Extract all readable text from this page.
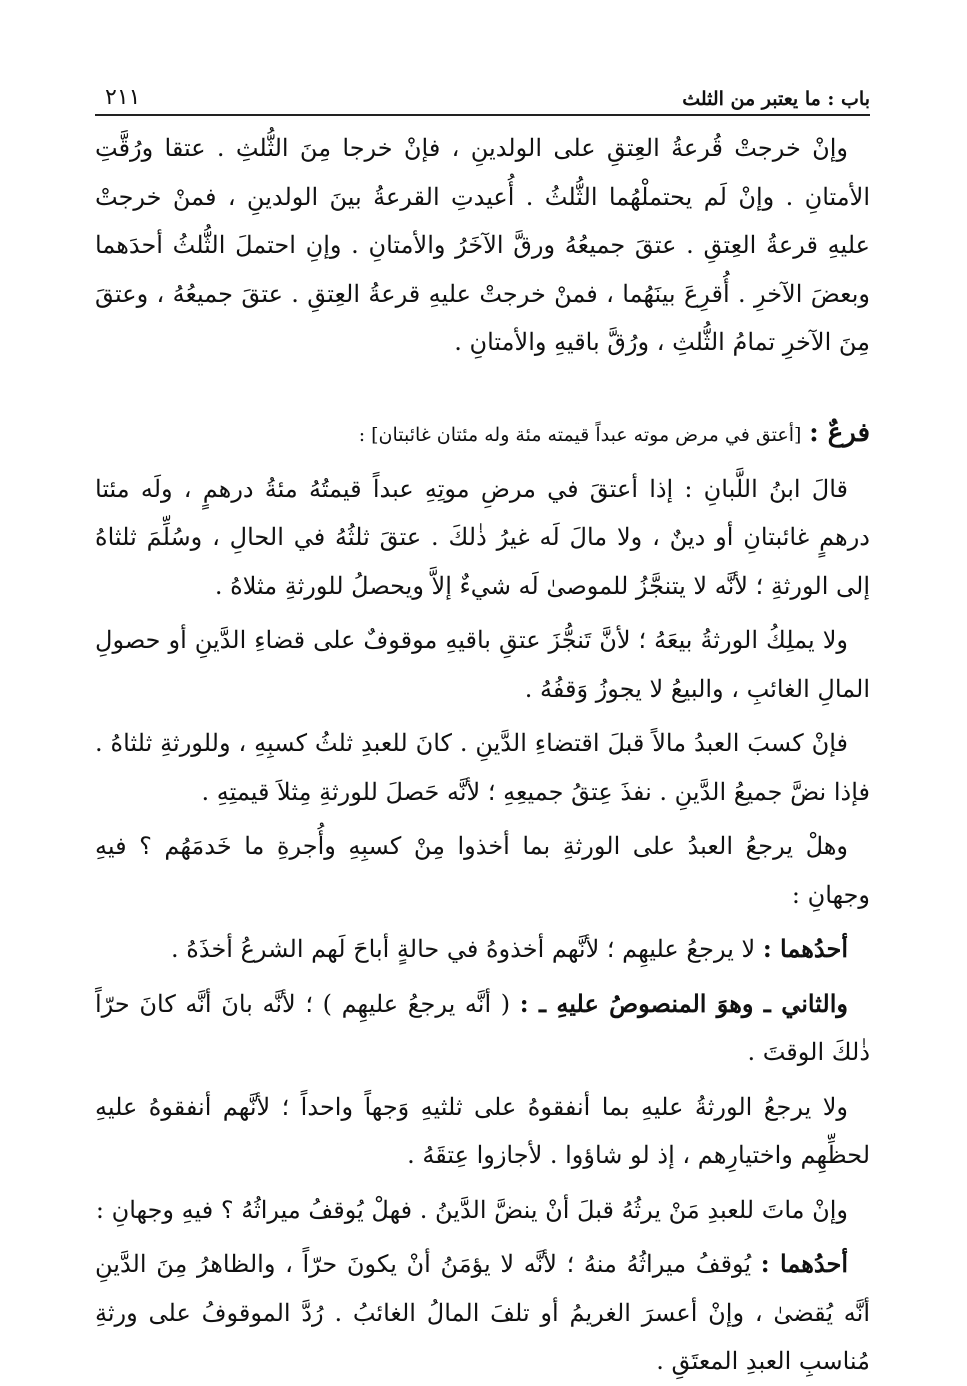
باب : ما يعتبر من الثلث
٢١١

وإنْ خرجتْ قُرعةُ العِتقِ على الولدينِ ، فإنْ خرجا مِنَ الثُّلثِ . عتقا ورُقَّتِ الأمتانِ . وإنْ لَم يحتملْهُما الثُّلثُ . أُعيدتِ القرعةُ بينَ الولدينِ ، فمنْ خرجتْ عليهِ قرعةُ العِتقِ . عتقَ جميعُهُ ورقَّ الآخَرُ والأمتانِ . وإنِ احتملَ الثُّلثُ أحدَهما وبعضَ الآخرِ . أُقرِعَ بينَهُما ، فمنْ خرجتْ عليهِ قرعةُ العِتقِ . عتقَ جميعُهُ ، وعتقَ مِنَ الآخرِ تمامُ الثُّلثِ ، ورُقَّ باقيهِ والأمتانِ .

فرعٌ : [أعتق في مرض موته عبداً قيمته مئة وله مئتان غائبتان] :

قالَ ابنُ اللَّبانِ : إذا أعتقَ في مرضِ موتِهِ عبداً قيمتُهُ مئةُ درهمٍ ، ولَه مئتا درهمٍ غائبتانِ أو دينٌ ، ولا مالَ لَه غيرُ ذٰلكَ . عتقَ ثلثُهُ في الحالِ ، وسُلِّمَ ثلثاهُ إلى الورثةِ ؛ لأنَّه لا يتنجَّزُ للموصىٰ لَه شيءٌ إلاَّ ويحصلُ للورثةِ مثلاهُ .

ولا يملِكُ الورثةُ بيعَهُ ؛ لأنَّ تَنجُّزَ عتقِ باقيهِ موقوفٌ على قضاءِ الدَّينِ أو حصولِ المالِ الغائبِ ، والبيعُ لا يجوزُ وَقفُهُ .

فإنْ كسبَ العبدُ مالاً قبلَ اقتضاءِ الدَّينِ . كانَ للعبدِ ثلثُ كسبِهِ ، وللورثةِ ثلثاهُ . فإذا نضَّ جميعُ الدَّينِ . نفذَ عِتقُ جميعِهِ ؛ لأنَّه حَصلَ للورثةِ مِثلاَ قيمتِهِ .

وهلْ يرجعُ العبدُ على الورثةِ بما أخذوا مِنْ كسبِهِ وأُجرةِ ما خَدمَهُم ؟ فيهِ وجهانِ :

أحدُهما : لا يرجعُ عليهِم ؛ لأنَّهم أخذوهُ في حالةٍ أباحَ لَهم الشرعُ أخذَهُ .

والثاني ـ وهوَ المنصوصُ عليهِ ـ : ( أنَّه يرجعُ عليهِم ) ؛ لأنَّه بانَ أنَّه كانَ حرّاً ذٰلكَ الوقتَ .

ولا يرجعُ الورثةُ عليهِ بما أنفقوهُ على ثلثيهِ وَجهاً واحداً ؛ لأنَّهم أنفقوهُ عليهِ لحظِّهِم واختيارِهم ، إذ لو شاؤوا . لأجازوا عِتقَهُ .

وإنْ ماتَ للعبدِ مَنْ يرثُهُ قبلَ أنْ ينضَّ الدَّينُ . فهلْ يُوقفُ ميراثُهُ ؟ فيهِ وجهانِ :

أحدُهما : يُوقفُ ميراثُهُ منهُ ؛ لأنَّه لا يؤمَنُ أنْ يكونَ حرّاً ، والظاهرُ مِنَ الدَّينِ أنَّه يُقضىٰ ، وإنْ أعسرَ الغريمُ أو تلفَ المالُ الغائبُ . رُدَّ الموقوفُ على ورثةِ مُناسبِ العبدِ المعتَقِ .
